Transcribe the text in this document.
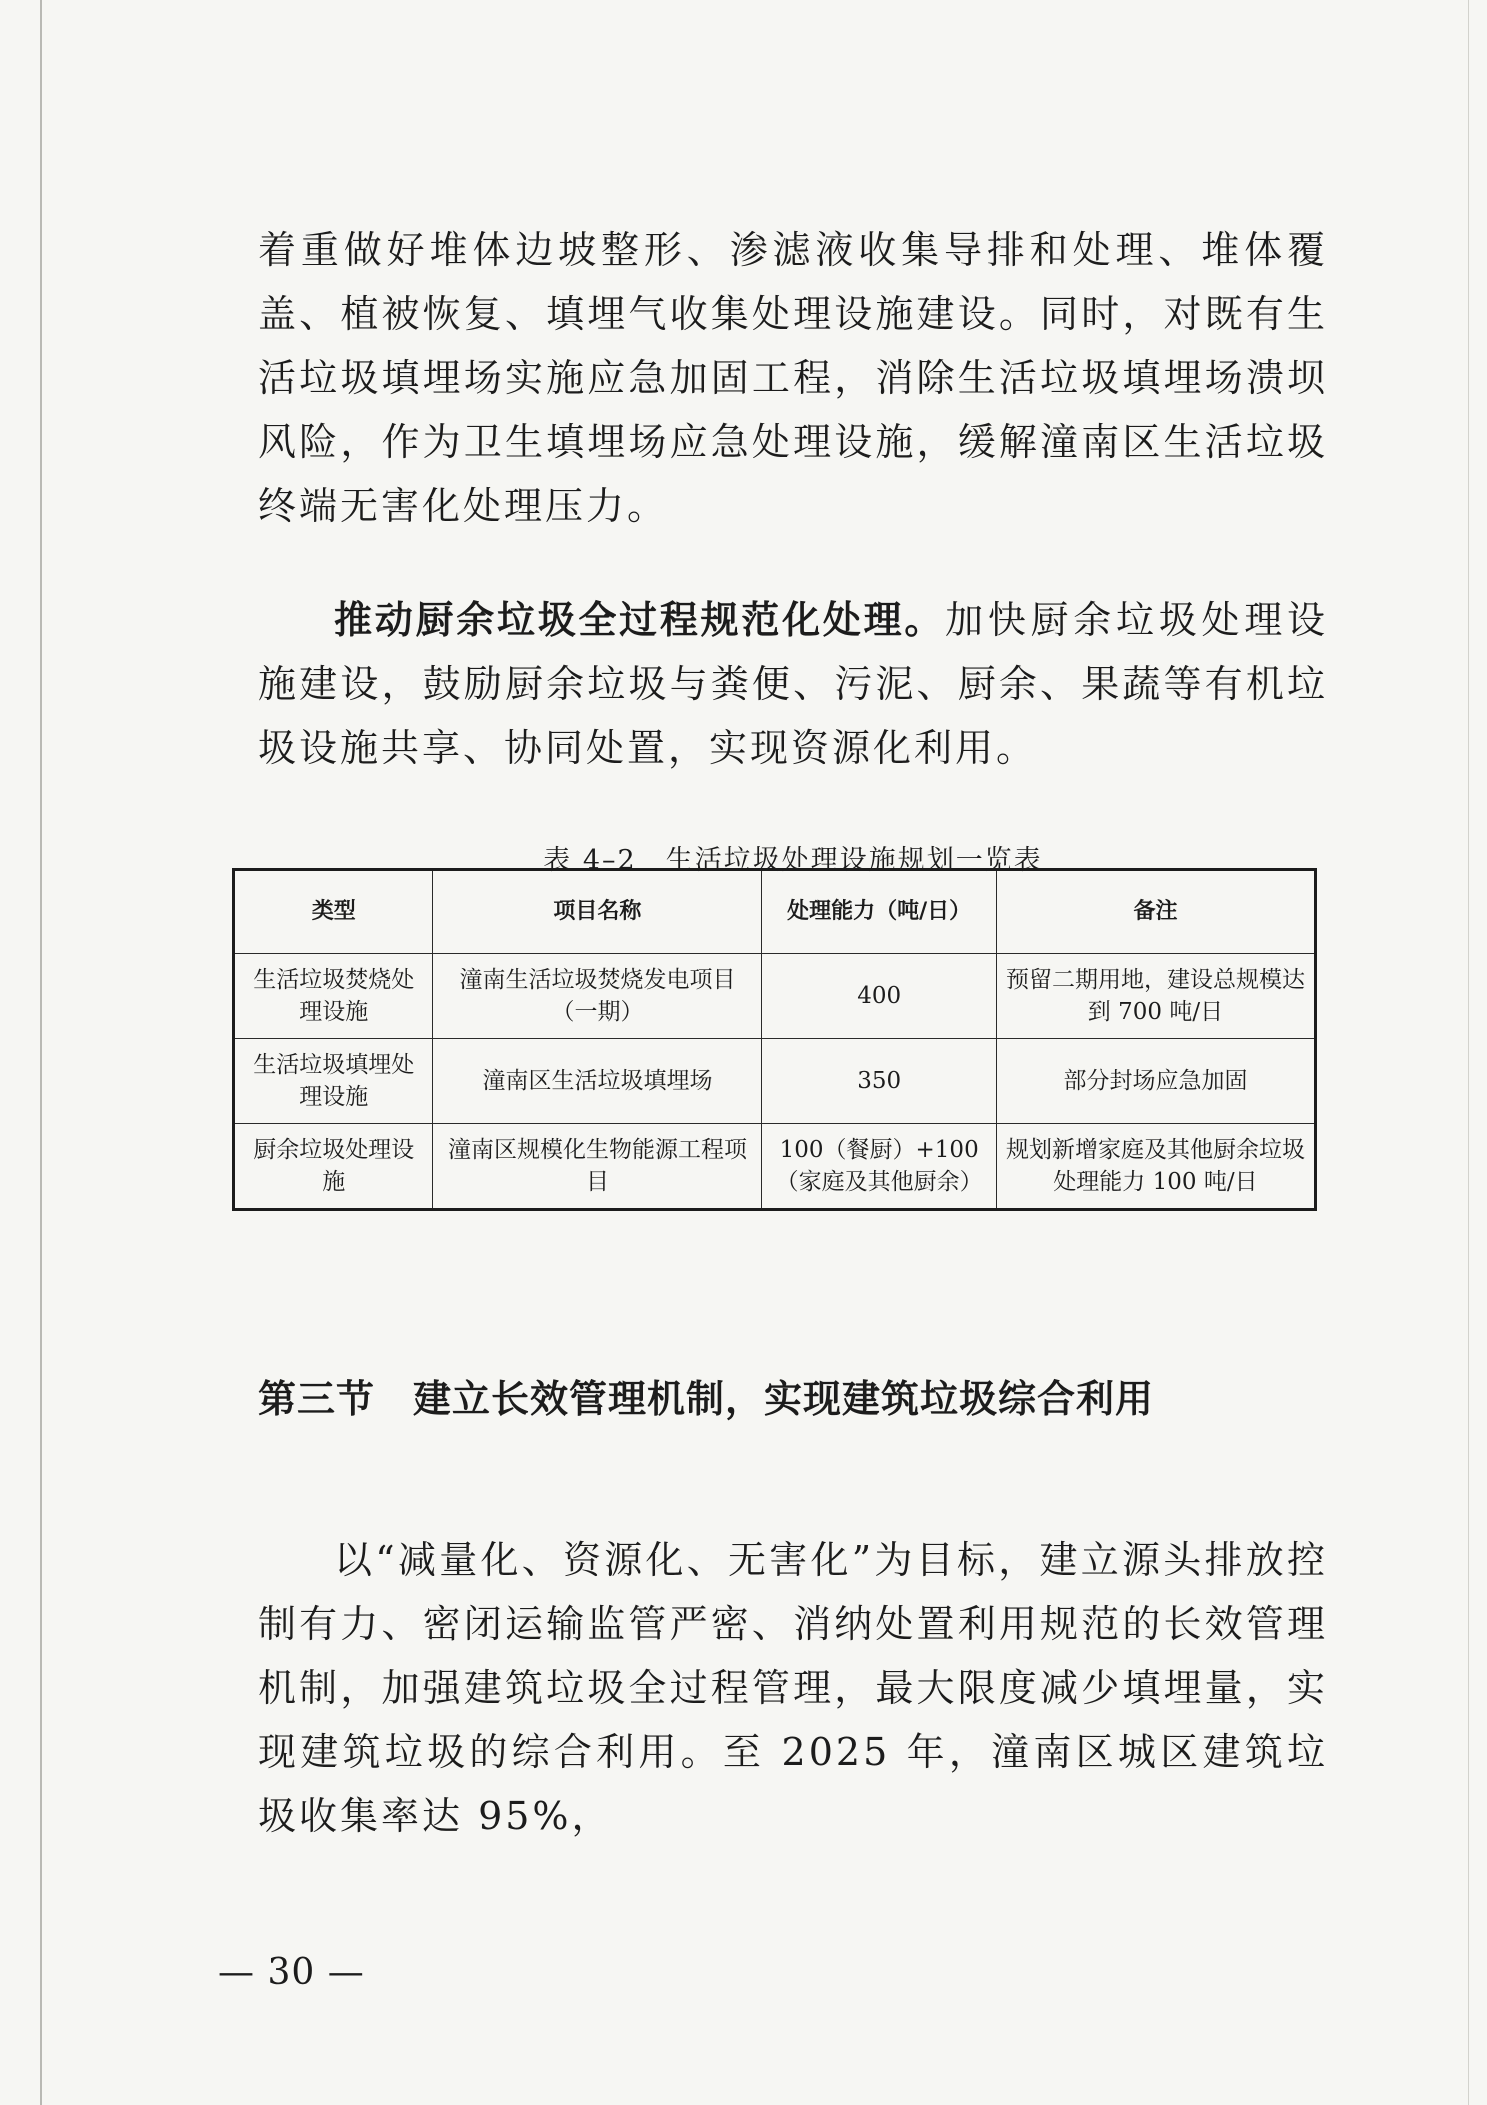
着重做好堆体边坡整形、渗滤液收集导排和处理、堆体覆盖、植被恢复、填埋气收集处理设施建设。同时，对既有生活垃圾填埋场实施应急加固工程，消除生活垃圾填埋场溃坝风险，作为卫生填埋场应急处理设施，缓解潼南区生活垃圾终端无害化处理压力。

推动厨余垃圾全过程规范化处理。加快厨余垃圾处理设施建设，鼓励厨余垃圾与粪便、污泥、厨余、果蔬等有机垃圾设施共享、协同处置，实现资源化利用。

表 4–2　生活垃圾处理设施规划一览表

第三节 建立长效管理机制，实现建筑垃圾综合利用

以“减量化、资源化、无害化”为目标，建立源头排放控制有力、密闭运输监管严密、消纳处置利用规范的长效管理机制，加强建筑垃圾全过程管理，最大限度减少填埋量，实现建筑垃圾的综合利用。至 2025 年，潼南区城区建筑垃圾收集率达 95%，

类型	项目名称	处理能力（吨/日）	备注
生活垃圾焚烧处理设施	潼南生活垃圾焚烧发电项目（一期）	400	预留二期用地，建设总规模达到 700 吨/日
生活垃圾填埋处理设施	潼南区生活垃圾填埋场	350	部分封场应急加固
厨余垃圾处理设施	潼南区规模化生物能源工程项目	100（餐厨）+100（家庭及其他厨余）	规划新增家庭及其他厨余垃圾处理能力 100 吨/日
— 30 —
